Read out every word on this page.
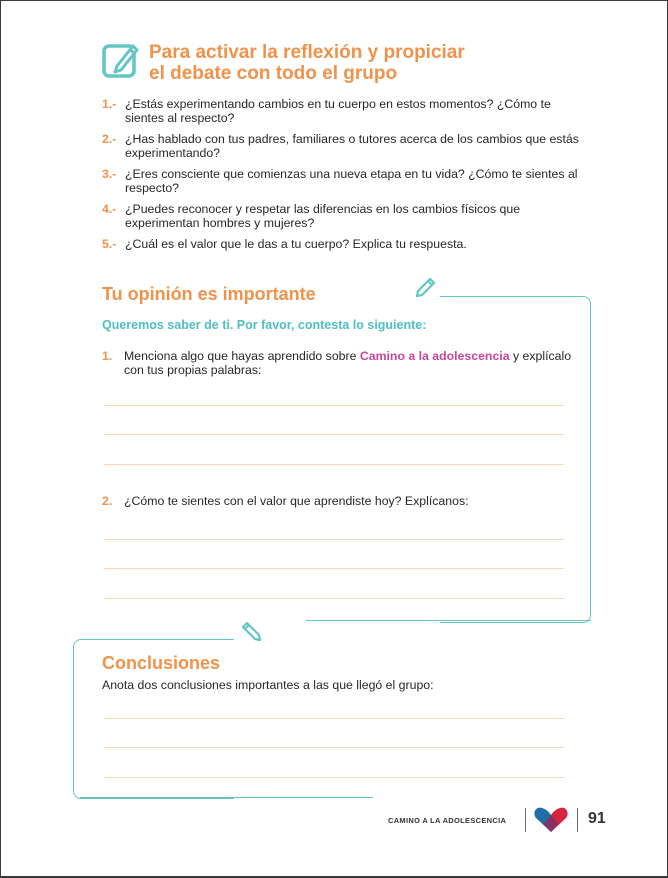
Para activar la reflexión y propiciar
el debate con todo el grupo
1.- ¿Estás experimentando cambios en tu cuerpo en estos momentos? ¿Cómo te sientes al respecto?
2.- ¿Has hablado con tus padres, familiares o tutores acerca de los cambios que estás experimentando?
3.- ¿Eres consciente que comienzas una nueva etapa en tu vida? ¿Cómo te sientes al respecto?
4.- ¿Puedes reconocer y respetar las diferencias en los cambios físicos que experimentan hombres y mujeres?
5.- ¿Cuál es el valor que le das a tu cuerpo? Explica tu respuesta.
Tu opinión es importante
Queremos saber de ti. Por favor, contesta lo siguiente:
1. Menciona algo que hayas aprendido sobre Camino a la adolescencia y explícalo con tus propias palabras:
2. ¿Cómo te sientes con el valor que aprendiste hoy? Explícanos:
Conclusiones
Anota dos conclusiones importantes a las que llegó el grupo:
CAMINO A LA ADOLESCENCIA	91
